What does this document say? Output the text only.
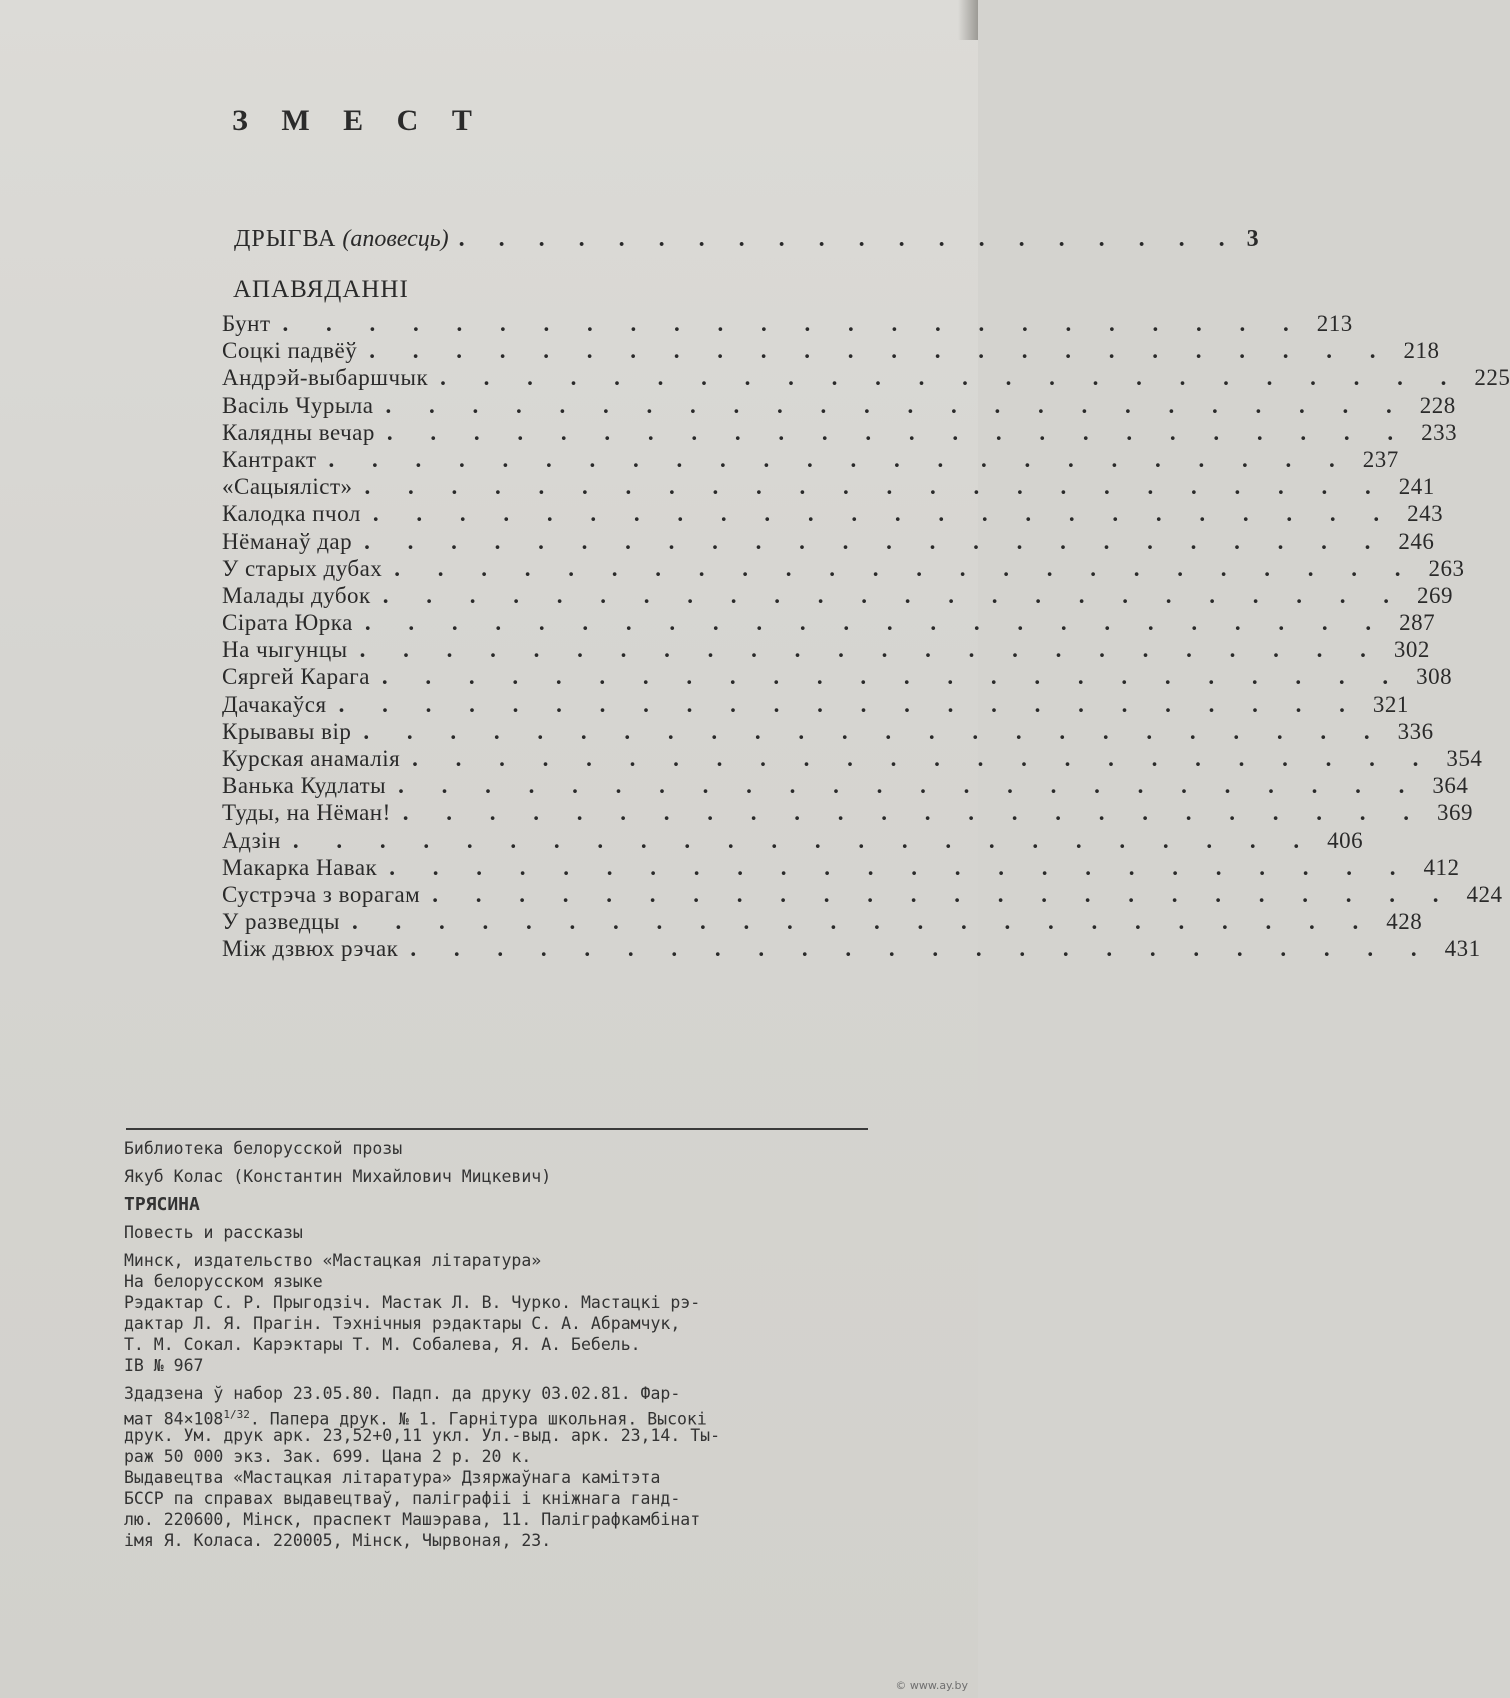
З М Е С Т
ДРЫГВА (аповесць) . . . . . . . . . . . . . . . . . . . . 3
АПАВЯДАННІ
Бунт . . . . . . . . . . . . . . . . . . . . . . . . 213
Соцкі падвёў . . . . . . . . . . . . . . . . . . . . . . . . 218
Андрэй-выбаршчык . . . . . . . . . . . . . . . . . . . . . . . . 225
Васіль Чурыла . . . . . . . . . . . . . . . . . . . . . . . . 228
Калядны вечар . . . . . . . . . . . . . . . . . . . . . . . . 233
Кантракт . . . . . . . . . . . . . . . . . . . . . . . . 237
«Сацыяліст» . . . . . . . . . . . . . . . . . . . . . . . . 241
Калодка пчол . . . . . . . . . . . . . . . . . . . . . . . . 243
Нёманаў дар . . . . . . . . . . . . . . . . . . . . . . . . 246
У старых дубах . . . . . . . . . . . . . . . . . . . . . . . . 263
Малады дубок . . . . . . . . . . . . . . . . . . . . . . . . 269
Сірата Юрка . . . . . . . . . . . . . . . . . . . . . . . . 287
На чыгунцы . . . . . . . . . . . . . . . . . . . . . . . . 302
Сяргей Карага . . . . . . . . . . . . . . . . . . . . . . . . 308
Дачакаўся . . . . . . . . . . . . . . . . . . . . . . . . 321
Крывавы вір . . . . . . . . . . . . . . . . . . . . . . . . 336
Курская анамалія . . . . . . . . . . . . . . . . . . . . . . . . 354
Ванька Кудлаты . . . . . . . . . . . . . . . . . . . . . . . . 364
Туды, на Нёман! . . . . . . . . . . . . . . . . . . . . . . . . 369
Адзін . . . . . . . . . . . . . . . . . . . . . . . . 406
Макарка Навак . . . . . . . . . . . . . . . . . . . . . . . . 412
Сустрэча з ворагам . . . . . . . . . . . . . . . . . . . . . . . . 424
У разведцы . . . . . . . . . . . . . . . . . . . . . . . . 428
Між дзвюх рэчак . . . . . . . . . . . . . . . . . . . . . . . . 431
Библиотека белорусской прозы
Якуб Колас (Константин Михайлович Мицкевич)
ТРЯСИНА
Повесть и рассказы
Минск, издательство «Мастацкая літаратура»
На белорусском языке
Рэдактар С. Р. Прыгодзіч. Мастак Л. В. Чурко. Мастацкі рэ-
дактар Л. Я. Прагін. Тэхнічныя рэдактары С. А. Абрамчук,
Т. М. Сокал. Карэктары Т. М. Собалева, Я. А. Бебель.
ІВ № 967
Здадзена ў набор 23.05.80. Падп. да друку 03.02.81. Фар-
мат $84\times 108^{1/32}$. Папера друк. № 1. Гарнітура школьная. Высокі
друк. Ум. друк арк. 23,52+0,11 укл. Ул.-выд. арк. 23,14. Ты-
раж 50 000 экз. Зак. 699. Цана 2 р. 20 к.
Выдавецтва «Мастацкая літаратура» Дзяржаўнага камітэта
БССР па справах выдавецтваў, паліграфіі і кніжнага ганд-
лю. 220600, Мінск, праспект Машэрава, 11. Паліграфкамбінат
імя Я. Коласа. 220005, Мінск, Чырвоная, 23.
© www.ay.by
